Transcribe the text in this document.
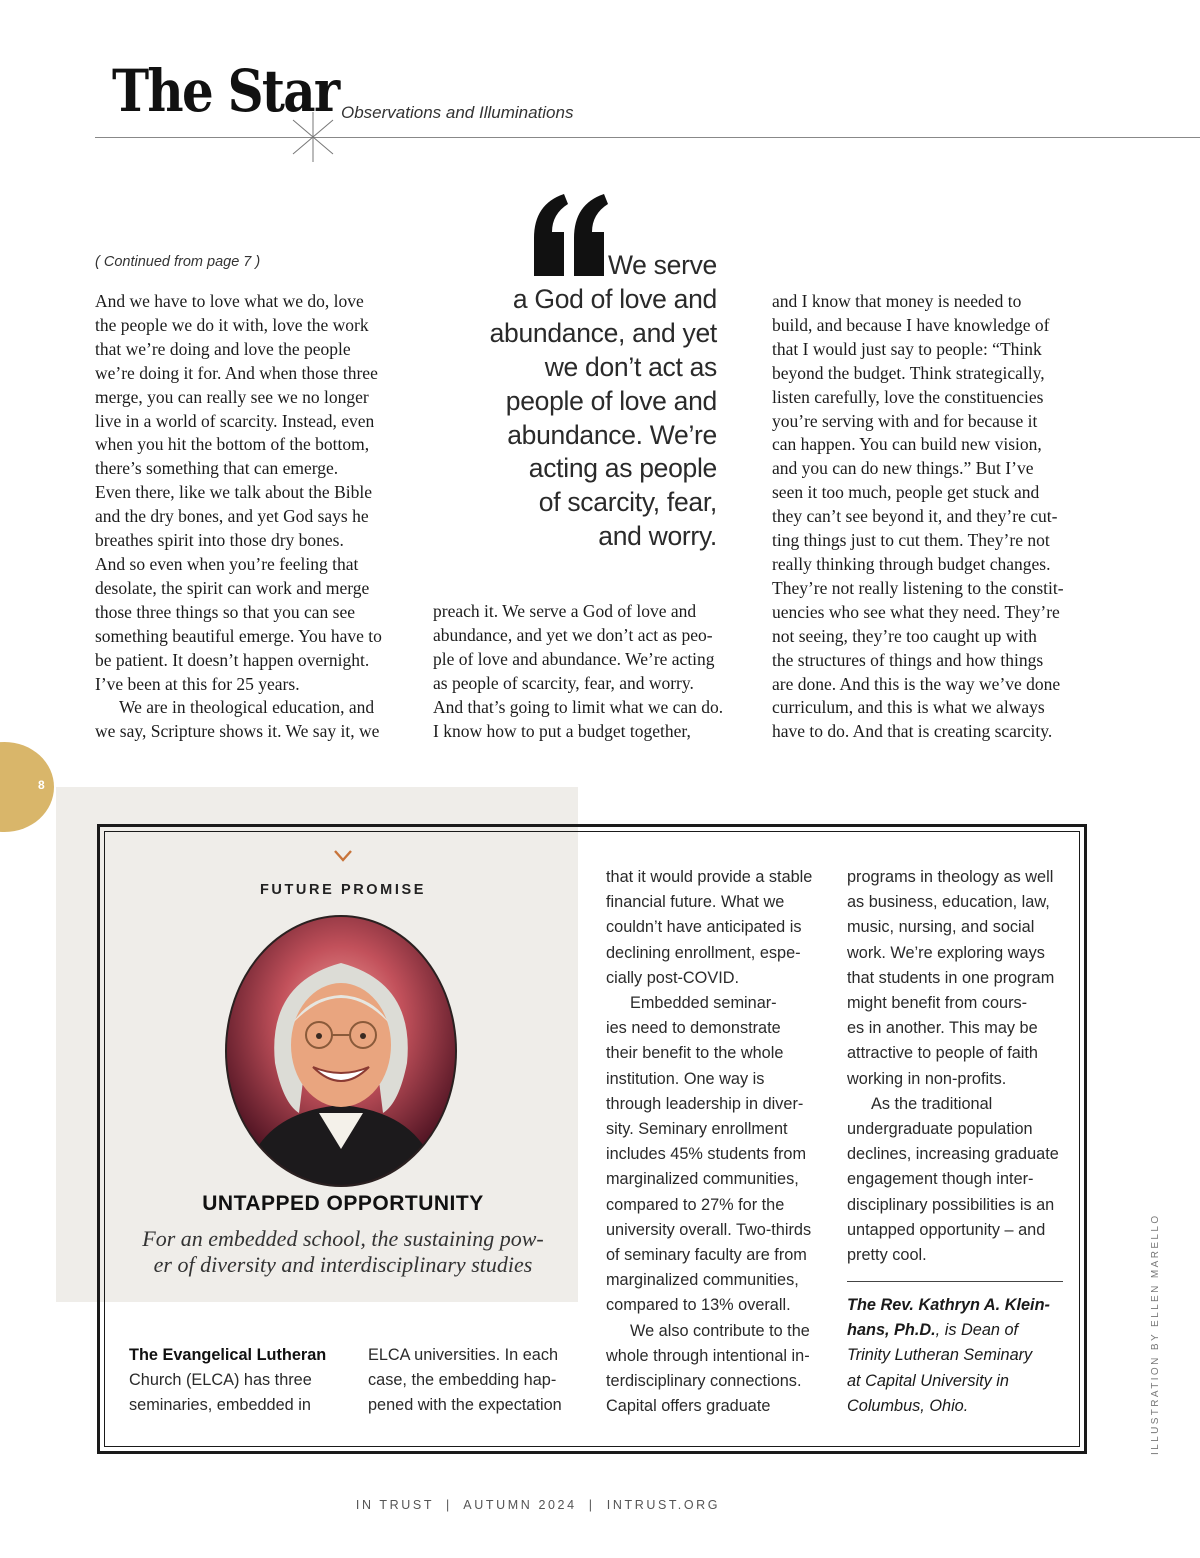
The Star Observations and Illuminations
( Continued from page 7 )
And we have to love what we do, love
the people we do it with, love the work
that we’re doing and love the people
we’re doing it for. And when those three
merge, you can really see we no longer
live in a world of scarcity. Instead, even
when you hit the bottom of the bottom,
there’s something that can emerge.
Even there, like we talk about the Bible
and the dry bones, and yet God says he
breathes spirit into those dry bones.
And so even when you’re feeling that
desolate, the spirit can work and merge
those three things so that you can see
something beautiful emerge. You have to
be patient. It doesn’t happen overnight.
I’ve been at this for 25 years.
We are in theological education, and
we say, Scripture shows it. We say it, we
preach it. We serve a God of love and
abundance, and yet we don’t act as peo-
ple of love and abundance. We’re acting
as people of scarcity, fear, and worry.
And that’s going to limit what we can do.
I know how to put a budget together,
and I know that money is needed to
build, and because I have knowledge of
that I would just say to people: “Think
beyond the budget. Think strategically,
listen carefully, love the constituencies
you’re serving with and for because it
can happen. You can build new vision,
and you can do new things.” But I’ve
seen it too much, people get stuck and
they can’t see beyond it, and they’re cut-
ting things just to cut them. They’re not
really thinking through budget changes.
They’re not really listening to the constit-
uencies who see what they need. They’re
not seeing, they’re too caught up with
the structures of things and how things
are done. And this is the way we’ve done
curriculum, and this is what we always
have to do. And that is creating scarcity.
We serve
a God of love and
abundance, and yet
we don’t act as
people of love and
abundance. We’re
acting as people
of scarcity, fear,
and worry.
8
FUTURE PROMISE
UNTAPPED OPPORTUNITY
For an embedded school, the sustaining pow-
er of diversity and interdisciplinary studies
The Evangelical Lutheran
Church (ELCA) has three
seminaries, embedded in
ELCA universities. In each
case, the embedding hap-
pened with the expectation
that it would provide a stable
financial future. What we
couldn’t have anticipated is
declining enrollment, espe-
cially post-COVID.
Embedded seminar-
ies need to demonstrate
their benefit to the whole
institution. One way is
through leadership in diver-
sity. Seminary enrollment
includes 45% students from
marginalized communities,
compared to 27% for the
university overall. Two-thirds
of seminary faculty are from
marginalized communities,
compared to 13% overall.
We also contribute to the
whole through intentional in-
terdisciplinary connections.
Capital offers graduate
programs in theology as well
as business, education, law,
music, nursing, and social
work. We’re exploring ways
that students in one program
might benefit from cours-
es in another. This may be
attractive to people of faith
working in non-profits.
As the traditional
undergraduate population
declines, increasing graduate
engagement though inter-
disciplinary possibilities is an
untapped opportunity – and
pretty cool.
The Rev. Kathryn A. Klein-
hans, Ph.D., is Dean of
Trinity Lutheran Seminary
at Capital University in
Columbus, Ohio.	ILLUSTRATION BY ELLEN MARELLO
IN TRUST  |  AUTUMN 2024  |  INTRUST.ORG
